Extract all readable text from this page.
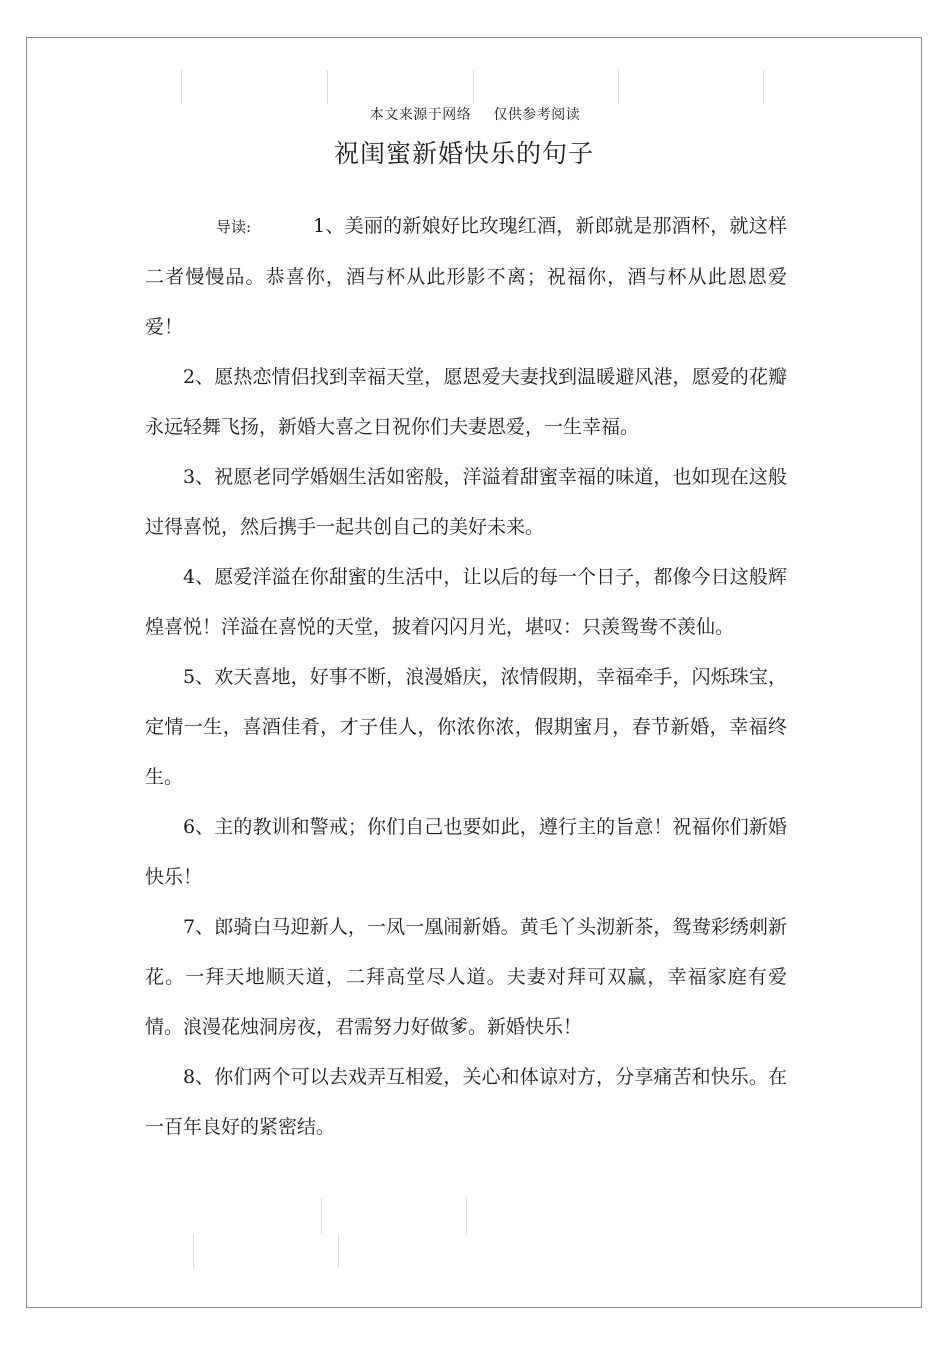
本文来源于网络 仅供参考阅读
祝闺蜜新婚快乐的句子

导读:	1、美丽的新娘好比玫瑰红酒，新郎就是那酒杯，就这样二者慢慢品。恭喜你，酒与杯从此形影不离；祝福你，酒与杯从此恩恩爱爱！

2、愿热恋情侣找到幸福天堂，愿恩爱夫妻找到温暖避风港，愿爱的花瓣永远轻舞飞扬，新婚大喜之日祝你们夫妻恩爱，一生幸福。

3、祝愿老同学婚姻生活如密般，洋溢着甜蜜幸福的味道，也如现在这般过得喜悦，然后携手一起共创自己的美好未来。

4、愿爱洋溢在你甜蜜的生活中，让以后的每一个日子，都像今日这般辉煌喜悦！洋溢在喜悦的天堂，披着闪闪月光，堪叹：只羡鸳鸯不羡仙。

5、欢天喜地，好事不断，浪漫婚庆，浓情假期，幸福牵手，闪烁珠宝，定情一生，喜酒佳肴，才子佳人，你浓你浓，假期蜜月，春节新婚，幸福终生。

6、主的教训和警戒；你们自己也要如此，遵行主的旨意！祝福你们新婚快乐！

7、郎骑白马迎新人，一凤一凰闹新婚。黄毛丫头沏新茶，鸳鸯彩绣刺新花。一拜天地顺天道，二拜高堂尽人道。夫妻对拜可双赢，幸福家庭有爱情。浪漫花烛洞房夜，君需努力好做爹。新婚快乐！

8、你们两个可以去戏弄互相爱，关心和体谅对方，分享痛苦和快乐。在一百年良好的紧密结。
